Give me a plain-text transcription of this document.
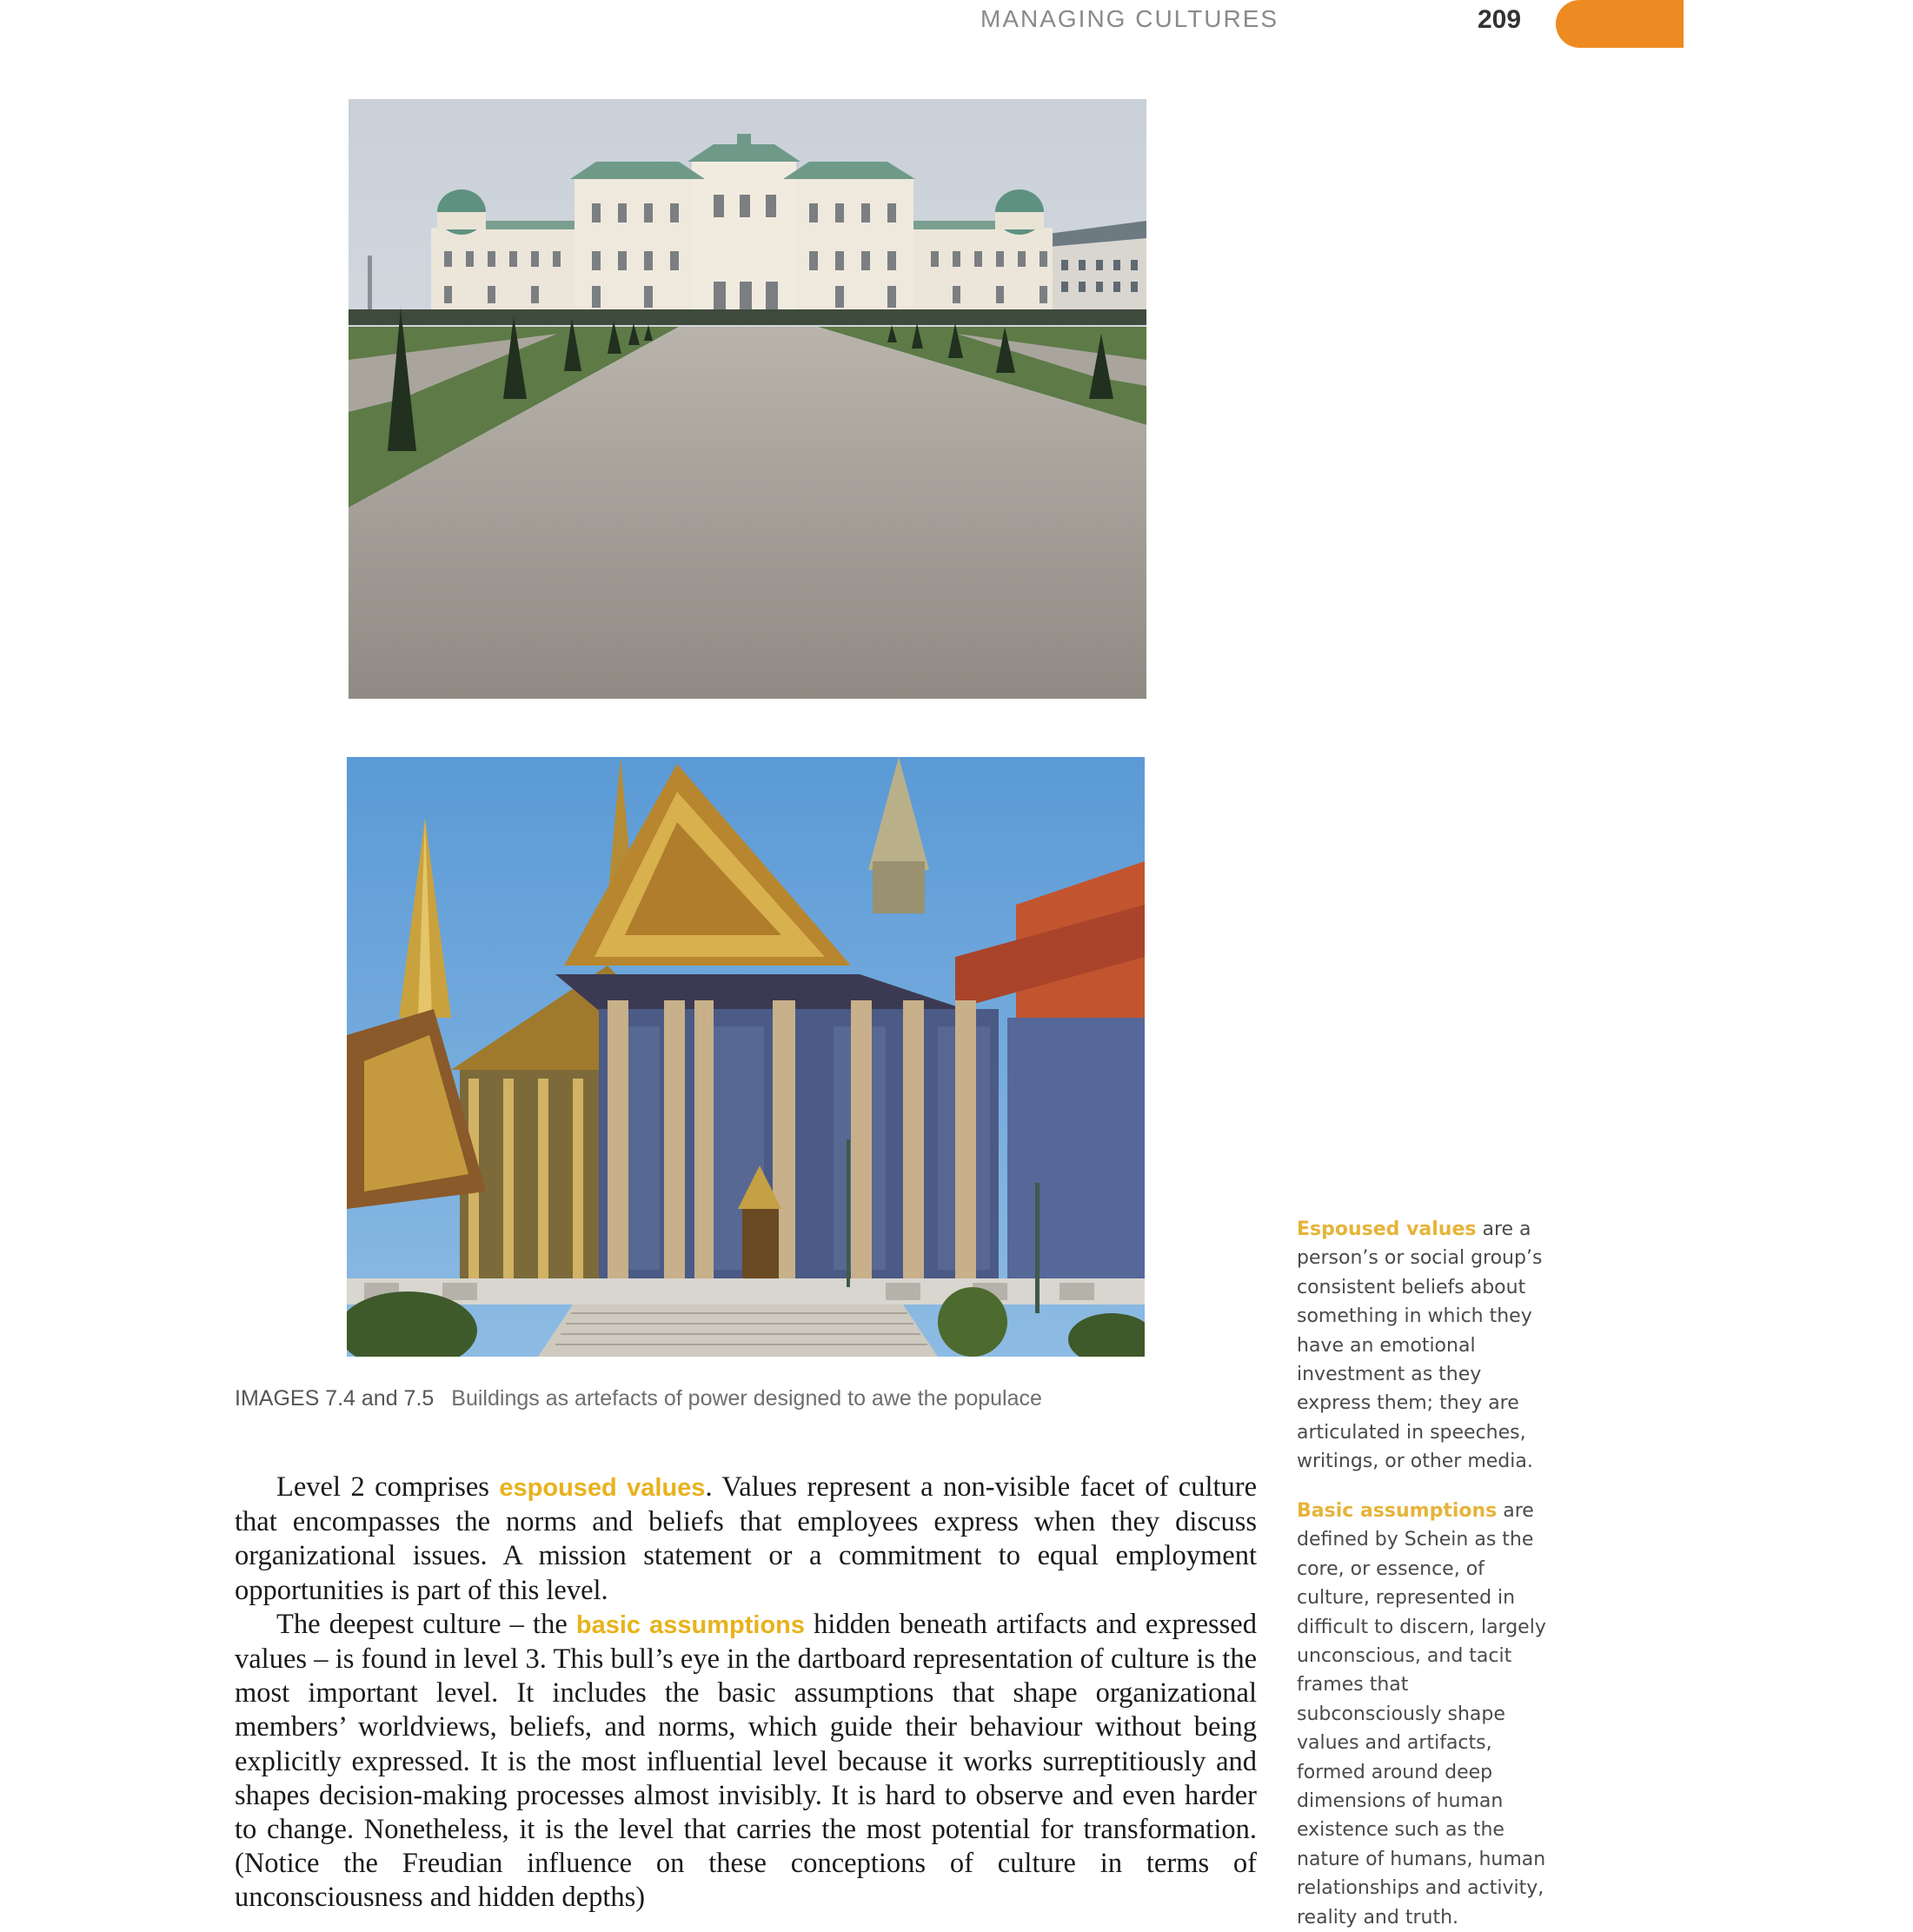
MANAGING CULTURES	209
IMAGES 7.4 and 7.5 Buildings as artefacts of power designed to awe the populace

Level 2 comprises espoused values. Values represent a non-visible facet of culture that encompasses the norms and beliefs that employees express when they discuss organizational issues. A mission statement or a commitment to equal employment opportunities is part of this level.

The deepest culture – the basic assumptions hidden beneath artifacts and expressed values – is found in level 3. This bull’s eye in the dartboard representation of culture is the most important level. It includes the basic assumptions that shape organizational members’ worldviews, beliefs, and norms, which guide their behaviour without being explicitly expressed. It is the most influential level because it works surreptitiously and shapes decision-making processes almost invisibly. It is hard to observe and even harder to change. Nonetheless, it is the level that carries the most potential for transformation. (Notice the Freudian influence on these conceptions of culture in terms of unconsciousness and hidden depths)

Espoused values are a person’s or social group’s consistent beliefs about something in which they have an emotional investment as they express them; they are articulated in speeches, writings, or other media.
Basic assumptions are defined by Schein as the core, or essence, of culture, represented in difficult to discern, largely unconscious, and tacit frames that subconsciously shape values and artifacts, formed around deep dimensions of human existence such as the nature of humans, human relationships and activity, reality and truth.
